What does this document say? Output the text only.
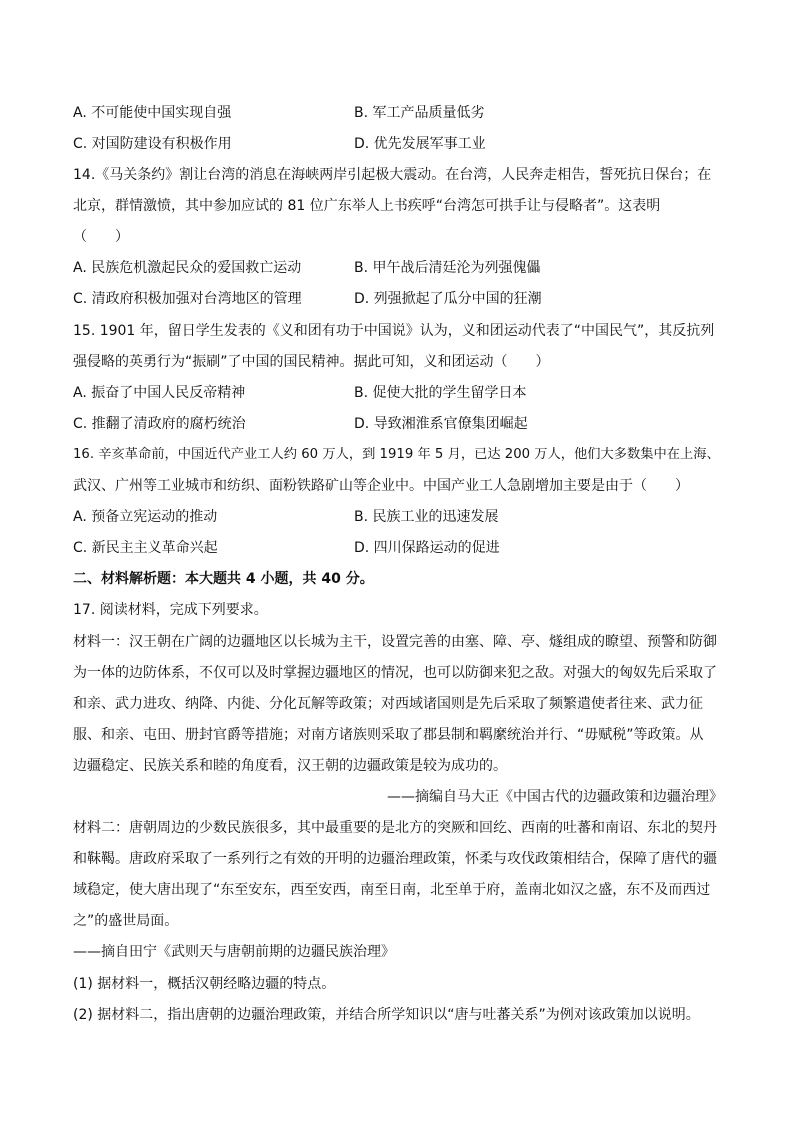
A. 不可能使中国实现自强	B. 军工产品质量低劣
C. 对国防建设有积极作用	D. 优先发展军事工业
14.《马关条约》割让台湾的消息在海峡两岸引起极大震动。在台湾，人民奔走相告，誓死抗日保台；在
北京，群情激愤，其中参加应试的 81 位广东举人上书疾呼“台湾怎可拱手让与侵略者”。这表明
（　　）
A. 民族危机激起民众的爱国救亡运动	B. 甲午战后清廷沦为列强傀儡
C. 清政府积极加强对台湾地区的管理	D. 列强掀起了瓜分中国的狂潮
15. 1901 年，留日学生发表的《义和团有功于中国说》认为，义和团运动代表了“中国民气”，其反抗列
强侵略的英勇行为“振刷”了中国的国民精神。据此可知，义和团运动（　　）
A. 振奋了中国人民反帝精神	B. 促使大批的学生留学日本
C. 推翻了清政府的腐朽统治	D. 导致湘淮系官僚集团崛起
16. 辛亥革命前，中国近代产业工人约 60 万人，到 1919 年 5 月，已达 200 万人，他们大多数集中在上海、
武汉、广州等工业城市和纺织、面粉铁路矿山等企业中。中国产业工人急剧增加主要是由于（　　）
A. 预备立宪运动的推动	B. 民族工业的迅速发展
C. 新民主主义革命兴起	D. 四川保路运动的促进
二、材料解析题：本大题共 4 小题，共 40 分。
17. 阅读材料，完成下列要求。
材料一：汉王朝在广阔的边疆地区以长城为主干，设置完善的由塞、障、亭、燧组成的瞭望、预警和防御
为一体的边防体系，不仅可以及时掌握边疆地区的情况，也可以防御来犯之敌。对强大的匈奴先后采取了
和亲、武力进攻、纳降、内徙、分化瓦解等政策；对西域诸国则是先后采取了频繁遣使者往来、武力征
服、和亲、屯田、册封官爵等措施；对南方诸族则采取了郡县制和羁縻统治并行、“毋赋税”等政策。从
边疆稳定、民族关系和睦的角度看，汉王朝的边疆政策是较为成功的。
——摘编自马大正《中国古代的边疆政策和边疆治理》
材料二：唐朝周边的少数民族很多，其中最重要的是北方的突厥和回纥、西南的吐蕃和南诏、东北的契丹
和靺鞨。唐政府采取了一系列行之有效的开明的边疆治理政策，怀柔与攻伐政策相结合，保障了唐代的疆
域稳定，使大唐出现了“东至安东，西至安西，南至日南，北至单于府，盖南北如汉之盛，东不及而西过
之”的盛世局面。
——摘自田宁《武则天与唐朝前期的边疆民族治理》
(1) 据材料一，概括汉朝经略边疆的特点。
(2) 据材料二，指出唐朝的边疆治理政策，并结合所学知识以“唐与吐蕃关系”为例对该政策加以说明。
